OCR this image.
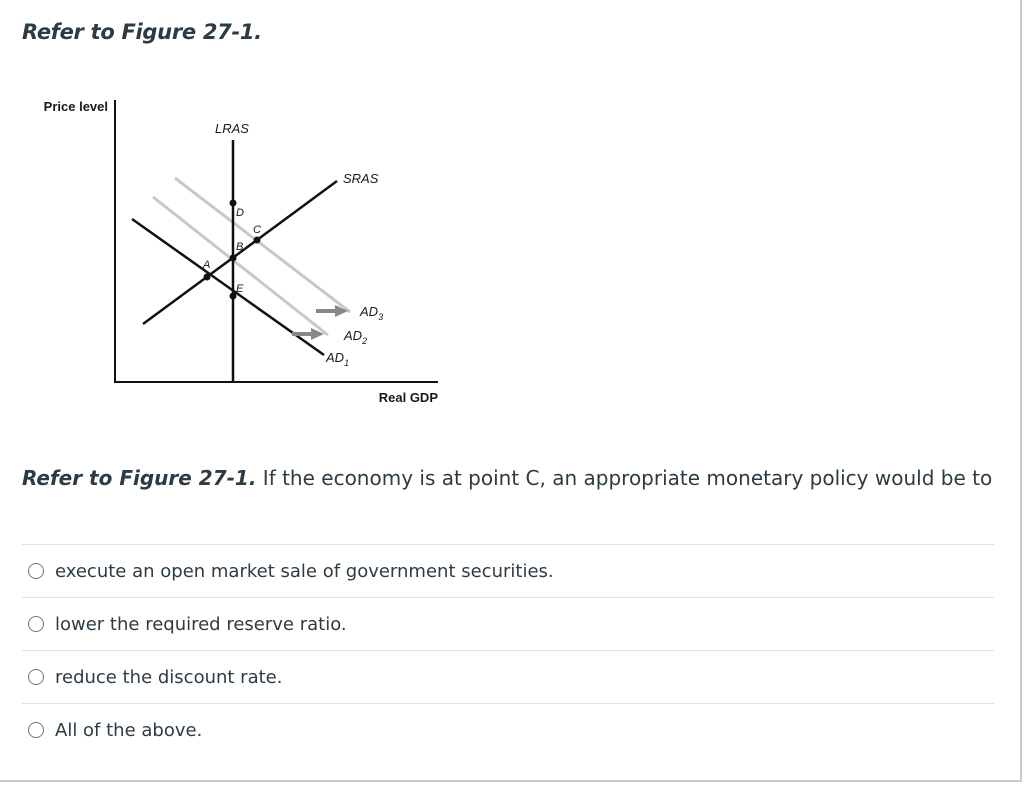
Refer to Figure 27-1.
Price level
Real GDP
LRAS
SRAS
$AD_3$
$AD_2$
$AD_1$
A
B
C
D
E
Refer to Figure 27-1. If the economy is at point C, an appropriate monetary policy would be to
execute an open market sale of government securities.
lower the required reserve ratio.
reduce the discount rate.
All of the above.
